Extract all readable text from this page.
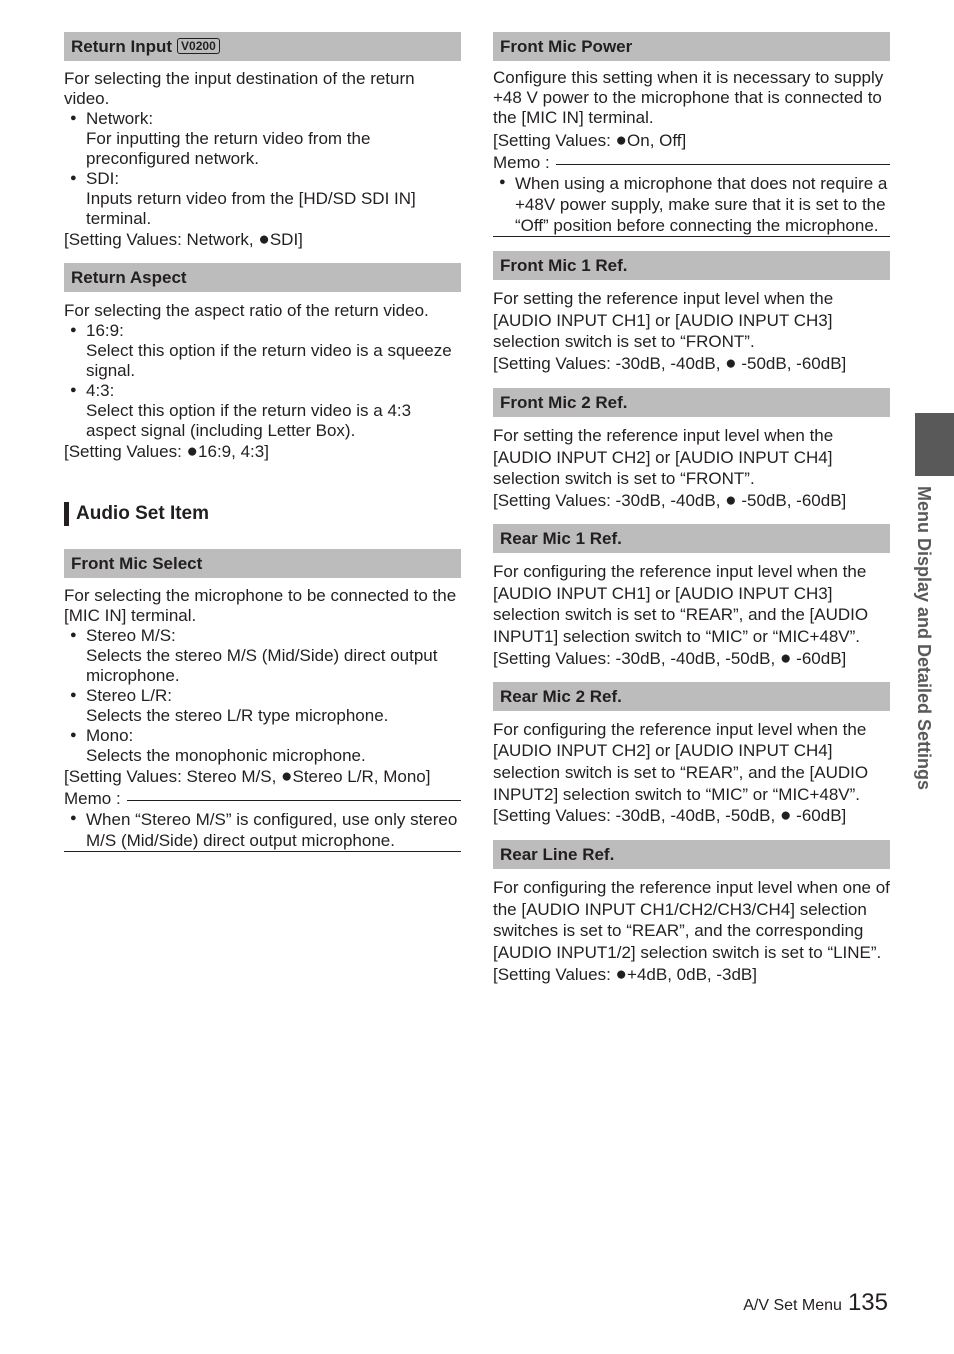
Return Input V0200

For selecting the input destination of the return video.

● Network:
For inputting the return video from the preconfigured network.
● SDI:
Inputs return video from the [HD/SD SDI IN] terminal.

[Setting Values: Network, ●SDI]

Return Aspect

For selecting the aspect ratio of the return video.

● 16:9:
Select this option if the return video is a squeeze signal.
● 4:3:
Select this option if the return video is a 4:3 aspect signal (including Letter Box).

[Setting Values: ●16:9, 4:3]

Audio Set Item
Front Mic Select

For selecting the microphone to be connected to the [MIC IN] terminal.

● Stereo M/S:
Selects the stereo M/S (Mid/Side) direct output microphone.
● Stereo L/R:
Selects the stereo L/R type microphone.
● Mono:
Selects the monophonic microphone.

[Setting Values: Stereo M/S, ●Stereo L/R, Mono]

Memo :
● When “Stereo M/S” is configured, use only stereo M/S (Mid/Side) direct output microphone.
Front Mic Power

Configure this setting when it is necessary to supply +48 V power to the microphone that is connected to the [MIC IN] terminal.

[Setting Values: ●On, Off]

Memo :
● When using a microphone that does not require a +48V power supply, make sure that it is set to the “Off” position before connecting the microphone.
Front Mic 1 Ref.

For setting the reference input level when the [AUDIO INPUT CH1] or [AUDIO INPUT CH3] selection switch is set to “FRONT”.

[Setting Values: -30dB, -40dB, ● -50dB, -60dB]

Front Mic 2 Ref.

For setting the reference input level when the [AUDIO INPUT CH2] or [AUDIO INPUT CH4] selection switch is set to “FRONT”.

[Setting Values: -30dB, -40dB, ● -50dB, -60dB]

Rear Mic 1 Ref.

For configuring the reference input level when the [AUDIO INPUT CH1] or [AUDIO INPUT CH3] selection switch is set to “REAR”, and the [AUDIO INPUT1] selection switch to “MIC” or “MIC+48V”.

[Setting Values: -30dB, -40dB, -50dB, ● -60dB]

Rear Mic 2 Ref.

For configuring the reference input level when the [AUDIO INPUT CH2] or [AUDIO INPUT CH4] selection switch is set to “REAR”, and the [AUDIO INPUT2] selection switch to “MIC” or “MIC+48V”.

[Setting Values: -30dB, -40dB, -50dB, ● -60dB]

Rear Line Ref.

For configuring the reference input level when one of the [AUDIO INPUT CH1/CH2/CH3/CH4] selection switches is set to “REAR”, and the corresponding [AUDIO INPUT1/2] selection switch is set to “LINE”.

[Setting Values: ●+4dB, 0dB, -3dB]

Menu Display and Detailed Settings
A/V Set Menu 135
